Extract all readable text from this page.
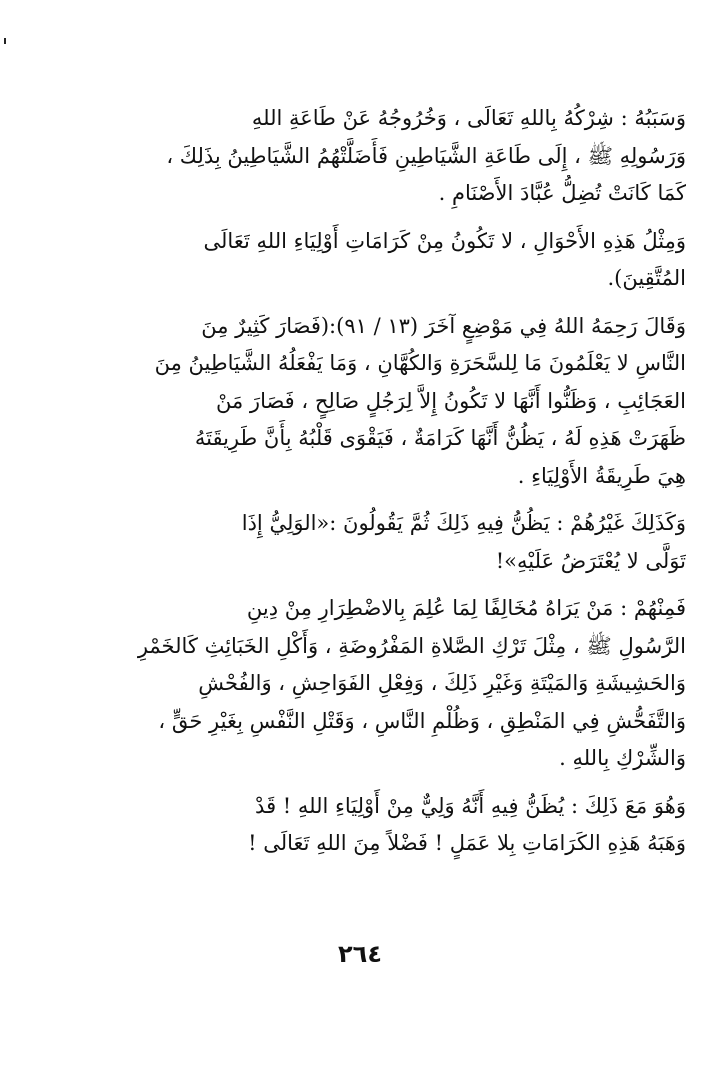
وَسَبَبُهُ : شِرْكُهُ بِاللهِ تَعَالَى ، وَخُرُوجُهُ عَنْ طَاعَةِ اللهِ
وَرَسُولِهِ ﷺ ، إِلَى طَاعَةِ الشَّيَاطِينِ فَأَضَلَّتْهُمُ الشَّيَاطِينُ بِذَلِكَ ،
كَمَا كَانَتْ تُضِلُّ عُبَّادَ الأَصْنَامِ .
وَمِثْلُ هَذِهِ الأَحْوَالِ ، لا تَكُونُ مِنْ كَرَامَاتِ أَوْلِيَاءِ اللهِ تَعَالَى
المُتَّقِينَ).
وَقَالَ رَحِمَهُ اللهُ فِي مَوْضِعٍ آخَرَ (١٣ / ٩١):(فَصَارَ كَثِيرٌ مِنَ
النَّاسِ لا يَعْلَمُونَ مَا لِلسَّحَرَةِ وَالكُهَّانِ ، وَمَا يَفْعَلُهُ الشَّيَاطِينُ مِنَ
العَجَائِبِ ، وَظَنُّوا أَنَّهَا لا تَكُونُ إِلاَّ لِرَجُلٍ صَالِحٍ ، فَصَارَ مَنْ
ظَهَرَتْ هَذِهِ لَهُ ، يَظُنُّ أَنَّهَا كَرَامَةٌ ، فَيَقْوَى قَلْبُهُ بِأَنَّ طَرِيقَتَهُ
هِيَ طَرِيقَةُ الأَوْلِيَاءِ .
وَكَذَلِكَ غَيْرُهُمْ : يَظُنُّ فِيهِ ذَلِكَ ثُمَّ يَقُولُونَ :«الوَلِيُّ إِذَا
تَوَلَّى لا يُعْتَرَضُ عَلَيْهِ»!
فَمِنْهُمْ : مَنْ يَرَاهُ مُخَالِفًا لِمَا عُلِمَ بِالاضْطِرَارِ مِنْ دِينِ
الرَّسُولِ ﷺ ، مِثْلَ تَرْكِ الصَّلاةِ المَفْرُوضَةِ ، وَأَكْلِ الخَبَائِثِ كَالخَمْرِ
وَالحَشِيشَةِ وَالمَيْتَةِ وَغَيْرِ ذَلِكَ ، وَفِعْلِ الفَوَاحِشِ ، وَالفُحْشِ
وَالتَّفَحُّشِ فِي المَنْطِقِ ، وَظُلْمِ النَّاسِ ، وَقَتْلِ النَّفْسِ بِغَيْرِ حَقٍّ ،
وَالشِّرْكِ بِاللهِ .
وَهُوَ مَعَ ذَلِكَ : يُظَنُّ فِيهِ أَنَّهُ وَلِيٌّ مِنْ أَوْلِيَاءِ اللهِ ! قَدْ
وَهَبَهُ هَذِهِ الكَرَامَاتِ بِلا عَمَلٍ ! فَضْلاً مِنَ اللهِ تَعَالَى !
٢٦٤
